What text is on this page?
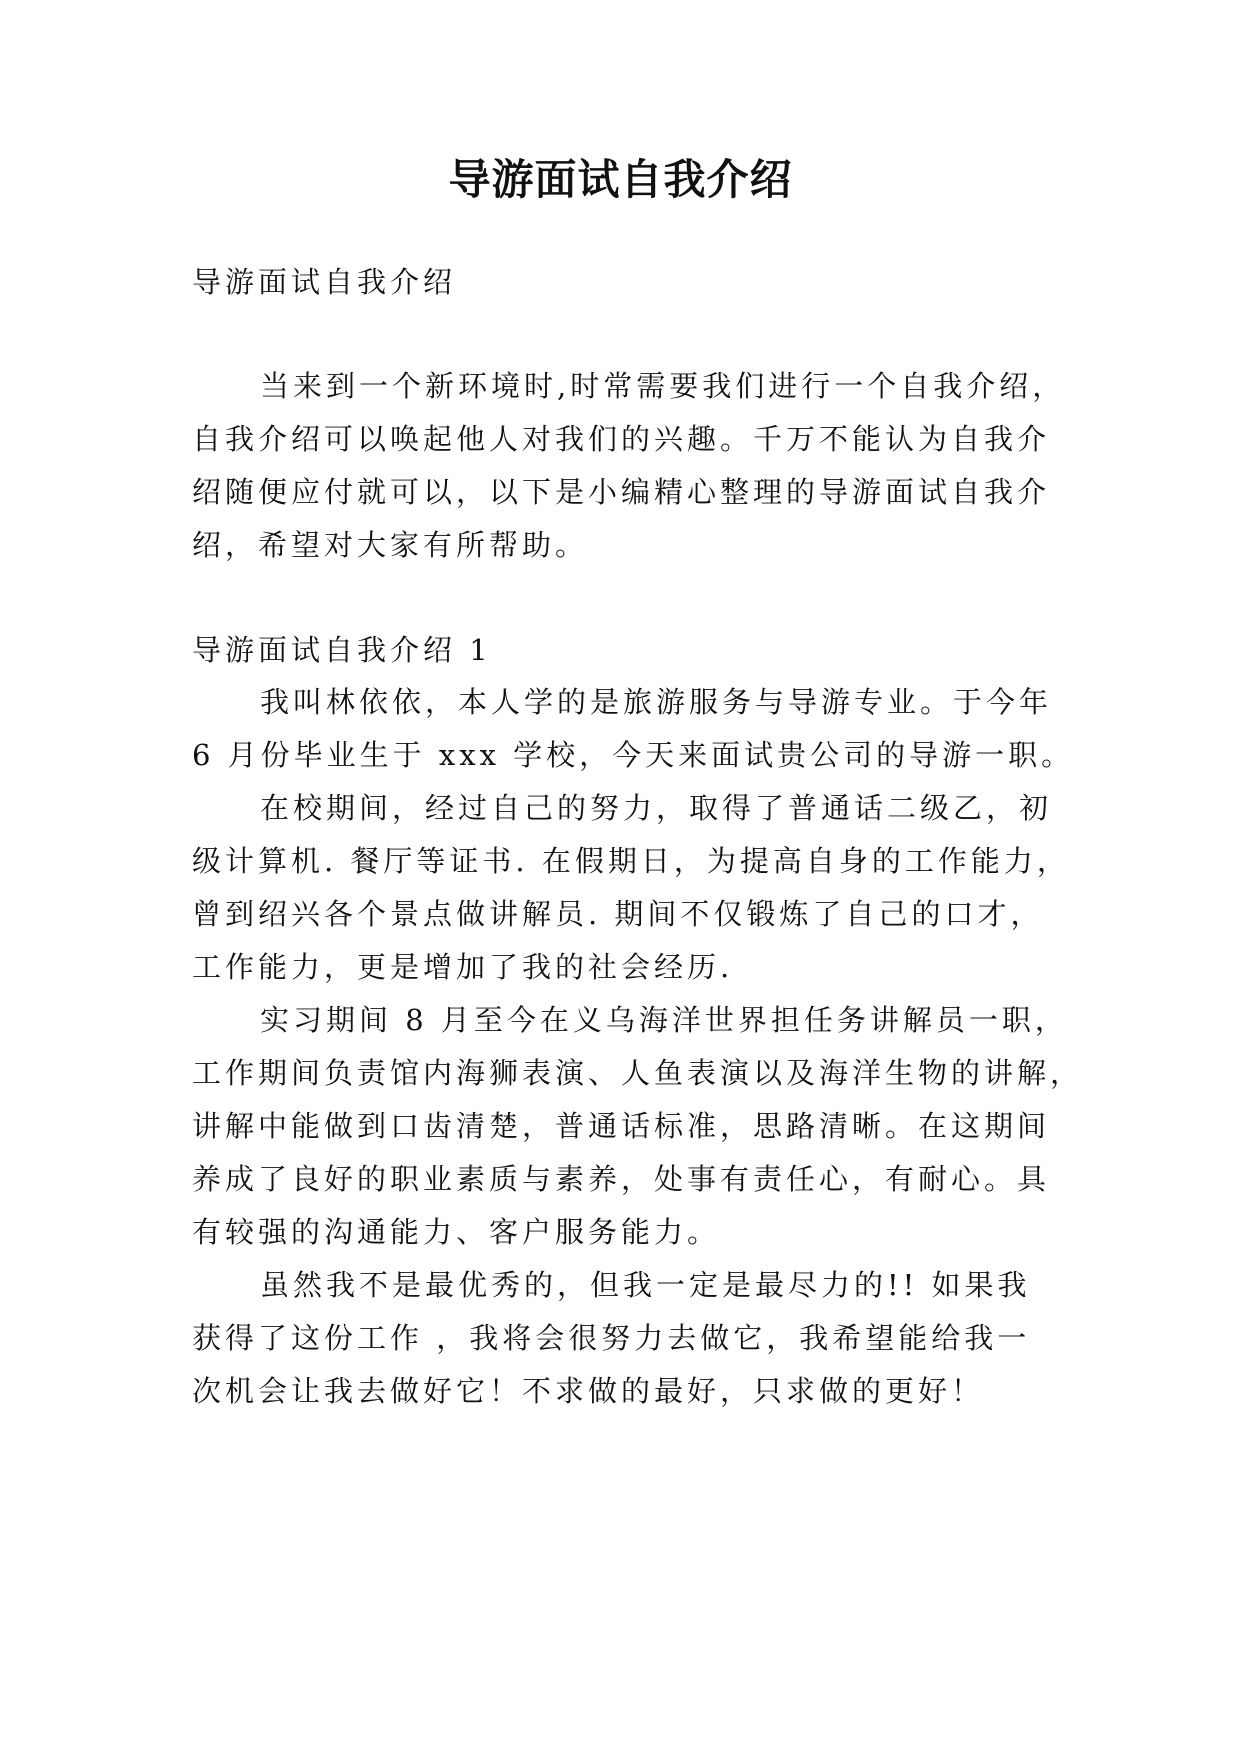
导游面试自我介绍
导游面试自我介绍
当来到一个新环境时,时常需要我们进行一个自我介绍，
自我介绍可以唤起他人对我们的兴趣。千万不能认为自我介
绍随便应付就可以，以下是小编精心整理的导游面试自我介
绍，希望对大家有所帮助。
导游面试自我介绍 1
我叫林依依，本人学的是旅游服务与导游专业。于今年
6 月份毕业生于 xxx 学校，今天来面试贵公司的导游一职。
在校期间，经过自己的努力，取得了普通话二级乙，初
级计算机. 餐厅等证书. 在假期日，为提高自身的工作能力，
曾到绍兴各个景点做讲解员. 期间不仅锻炼了自己的口才，
工作能力，更是增加了我的社会经历.
实习期间 8 月至今在义乌海洋世界担任务讲解员一职，
工作期间负责馆内海狮表演、人鱼表演以及海洋生物的讲解，
讲解中能做到口齿清楚，普通话标准，思路清晰。在这期间
养成了良好的职业素质与素养，处事有责任心，有耐心。具
有较强的沟通能力、客户服务能力。
虽然我不是最优秀的，但我一定是最尽力的!! 如果我
获得了这份工作 ，我将会很努力去做它，我希望能给我一
次机会让我去做好它！不求做的最好，只求做的更好！
